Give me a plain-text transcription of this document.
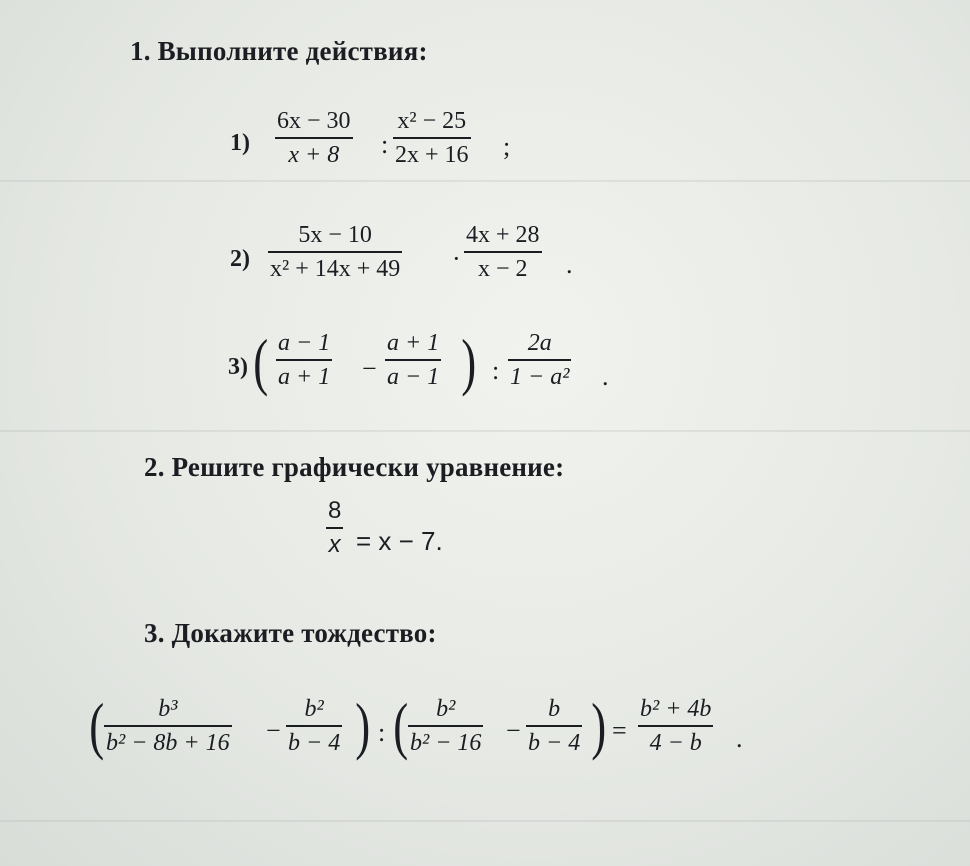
1. Выполните действия:
1)
6x − 30
x + 8 :
x² − 25
2x + 16 ;
2)
5x − 10
x² + 14x + 49 ·
4x + 28
x − 2 .
3) ( a − 1
a + 1 −
a + 1
a − 1 ) :
2a
1 − a² .
2. Решите графически уравнение:
8
x = x − 7.
3. Докажите тождество:
( b³
b² − 8b + 16 −
b²
b − 4 ) : ( b²
b² − 16 −
b
b − 4 ) =
b² + 4b
4 − b .
